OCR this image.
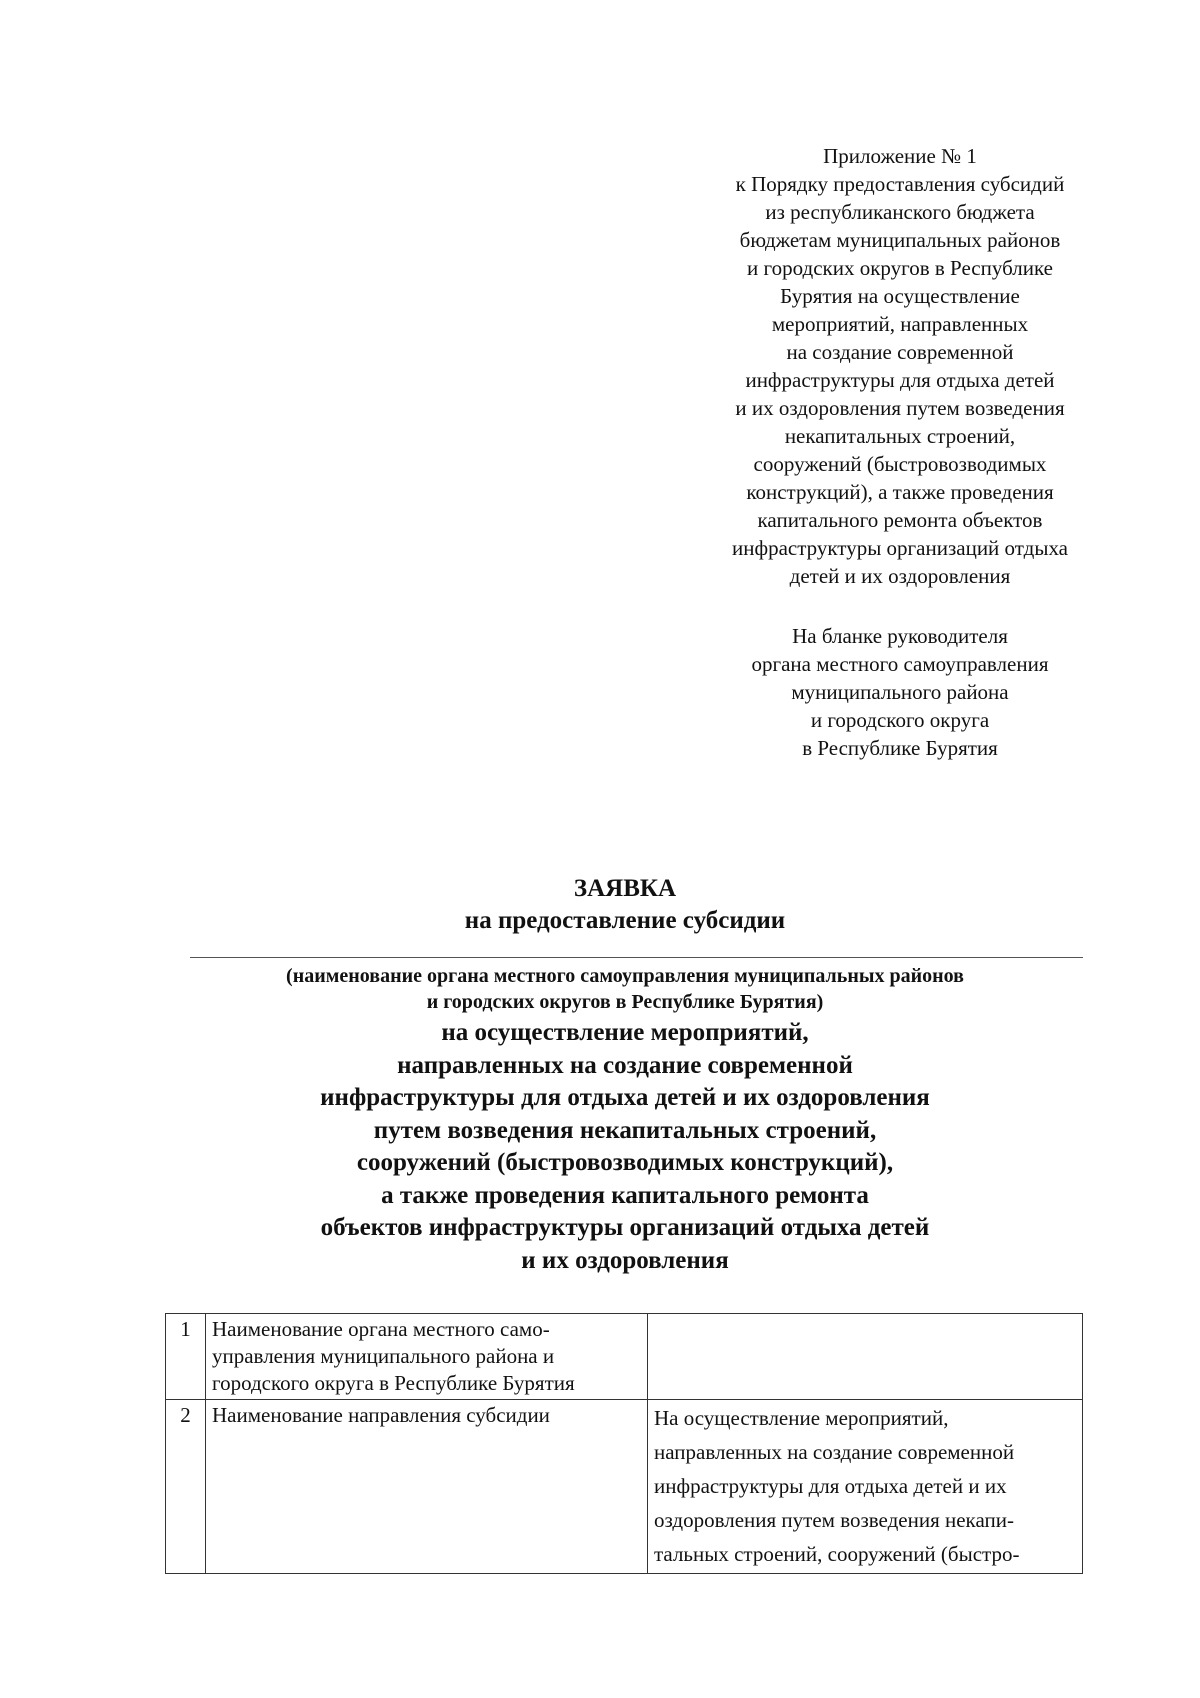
Приложение № 1
к Порядку предоставления субсидий
из республиканского бюджета
бюджетам муниципальных районов
и городских округов в Республике
Бурятия на осуществление
мероприятий, направленных
на создание современной
инфраструктуры для отдыха детей
и их оздоровления путем возведения
некапитальных строений,
сооружений (быстровозводимых
конструкций), а также проведения
капитального ремонта объектов
инфраструктуры организаций отдыха
детей и их оздоровления
На бланке руководителя
органа местного самоуправления
муниципального района
и городского округа
в Республике Бурятия
ЗАЯВКА
на предоставление субсидии
(наименование органа местного самоуправления муниципальных районов
и городских округов в Республике Бурятия)
на осуществление мероприятий,
направленных на создание современной
инфраструктуры для отдыха детей и их оздоровления
путем возведения некапитальных строений,
сооружений (быстровозводимых конструкций),
а также проведения капитального ремонта
объектов инфраструктуры организаций отдыха детей
и их оздоровления
1	Наименование органа местного само-
управления муниципального района и
городского округа в Республике Бурятия	

2	Наименование направления субсидии	На осуществление мероприятий,
направленных на создание современной
инфраструктуры для отдыха детей и их
оздоровления путем возведения некапи-
тальных строений, сооружений (быстро-
